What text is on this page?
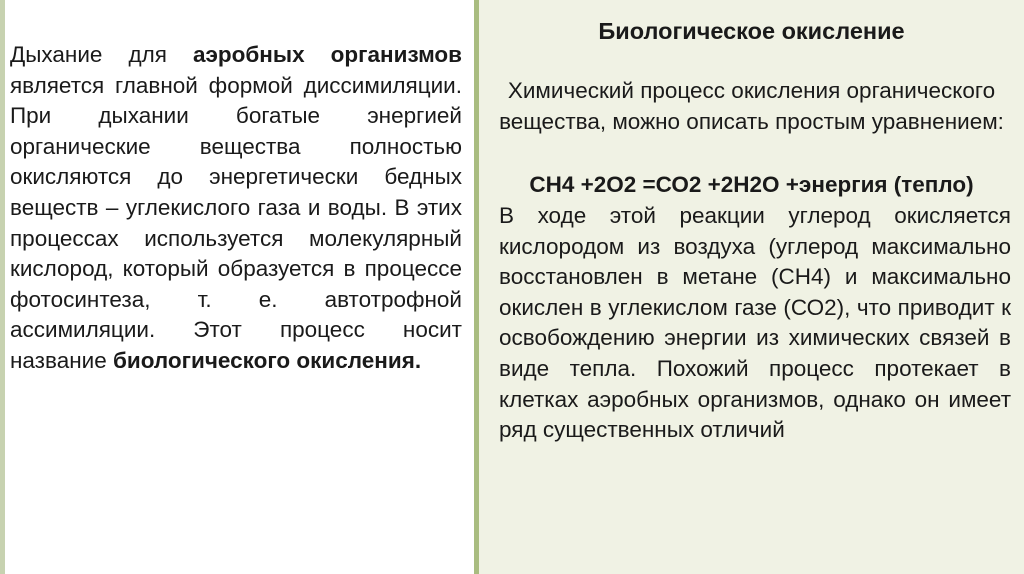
Дыхание для аэробных организмов является главной формой диссимиляции. При дыхании богатые энергией органические вещества полностью окисляются до энергетически бедных веществ – углекислого газа и воды. В этих процессах используется молекулярный кислород, который образуется в процессе фотосинтеза, т. е. автотрофной ассимиляции. Этот процесс носит название биологического окисления.
Биологическое окисление
Химический процесс окисления органического вещества, можно описать простым уравнением:
СН4 +2О2 =СО2 +2Н2О +энергия (тепло)
В ходе этой реакции углерод окисляется кислородом из воздуха (углерод максимально восстановлен в метане (СН4) и максимально окислен в углекислом газе (СО2), что приводит к освобождению энергии из химических связей в виде тепла. Похожий процесс протекает в клетках аэробных организмов, однако он имеет ряд существенных отличий
